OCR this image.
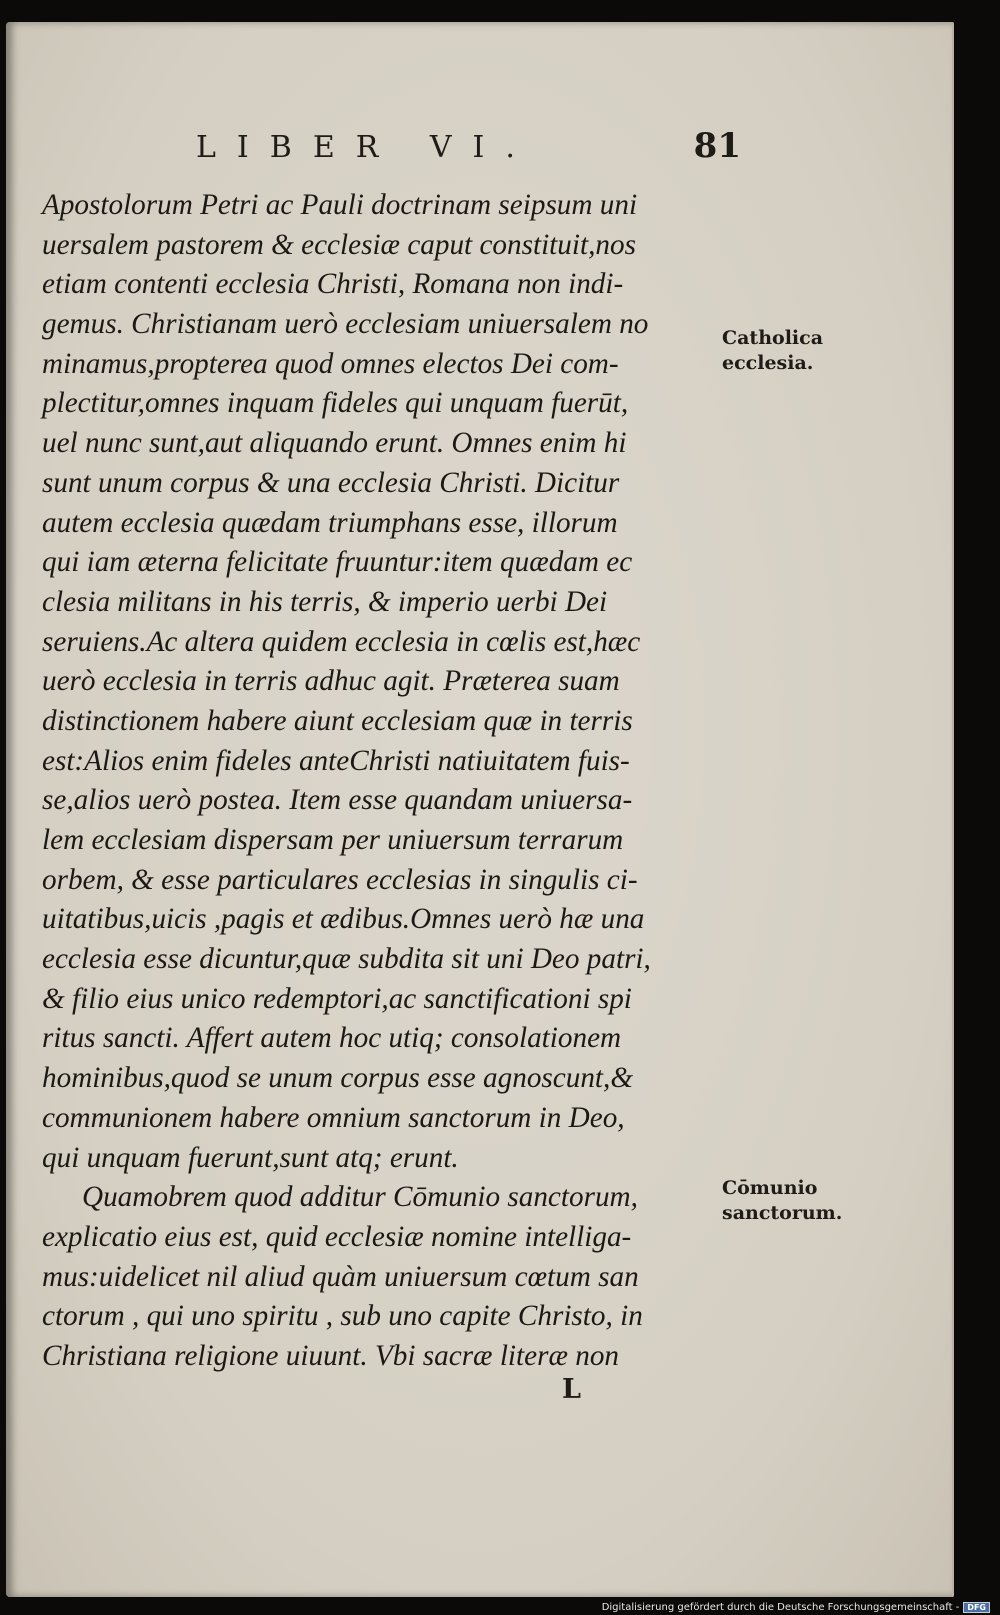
LIBER VI.	81
Apostolorum Petri ac Pauli doctrinam seipsum uni
uersalem pastorem & ecclesiæ caput constituit,nos
etiam contenti ecclesia Christi, Romana non indi-
gemus. Christianam uerò ecclesiam uniuersalem no
minamus,propterea quod omnes electos Dei com-
plectitur,omnes inquam fideles qui unquam fuerūt,
uel nunc sunt,aut aliquando erunt. Omnes enim hi
sunt unum corpus & una ecclesia Christi. Dicitur
autem ecclesia quædam triumphans esse, illorum
qui iam æterna felicitate fruuntur:item quædam ec
clesia militans in his terris, & imperio uerbi Dei
seruiens.Ac altera quidem ecclesia in cœlis est,hæc
uerò ecclesia in terris adhuc agit. Præterea suam
distinctionem habere aiunt ecclesiam quæ in terris
est:Alios enim fideles anteChristi natiuitatem fuis-
se,alios uerò postea. Item esse quandam uniuersa-
lem ecclesiam dispersam per uniuersum terrarum
orbem, & esse particulares ecclesias in singulis ci-
uitatibus,uicis ,pagis et ædibus.Omnes uerò hæ una
ecclesia esse dicuntur,quæ subdita sit uni Deo patri,
& filio eius unico redemptori,ac sanctificationi spi
ritus sancti. Affert autem hoc utiq; consolationem
hominibus,quod se unum corpus esse agnoscunt,&
communionem habere omnium sanctorum in Deo,
qui unquam fuerunt,sunt atq; erunt.
Quamobrem quod additur Cōmunio sanctorum,
explicatio eius est, quid ecclesiæ nomine intelliga-
mus:uidelicet nil aliud quàm uniuersum cœtum san
ctorum , qui uno spiritu , sub uno capite Christo, in
Christiana religione uiuunt. Vbi sacræ literæ non
Catholica
ecclesia.
Cōmunio
sanctorum.
L
Digitalisierung gefördert durch die Deutsche Forschungsgemeinschaft -	DFG
